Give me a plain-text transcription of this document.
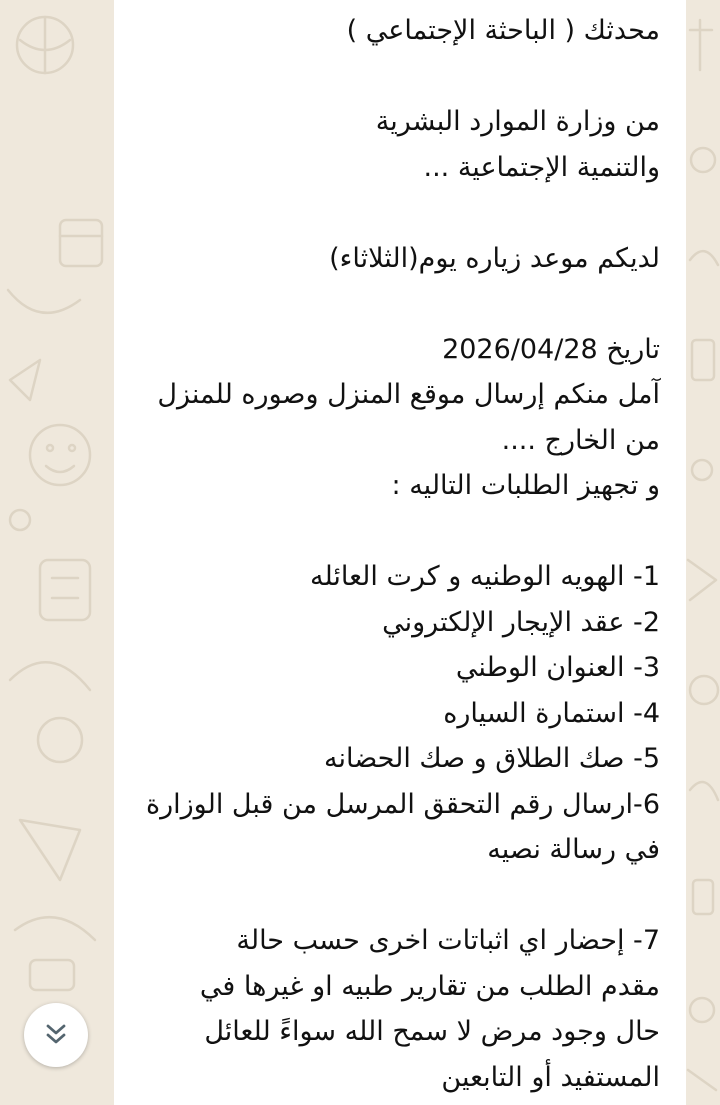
محدثك ( الباحثة الإجتماعي )
من وزارة الموارد البشرية
والتنمية الإجتماعية ...
لديكم موعد زياره يوم(الثلاثاء)
تاريخ 2026/04/28
آمل منكم إرسال موقع المنزل وصوره للمنزل
من الخارج ....
و تجهيز الطلبات التاليه :
1- الهويه الوطنيه و كرت العائله
2- عقد الإيجار الإلكتروني
3- العنوان الوطني
4- استمارة السياره
5- صك الطلاق و صك الحضانه
6-ارسال رقم التحقق المرسل من قبل الوزارة
في رسالة نصيه
7- إحضار اي اثباتات اخرى حسب حالة
مقدم الطلب من تقارير طبيه او غيرها في
حال وجود مرض لا سمح الله سواءً للعائل
المستفيد أو التابعين
